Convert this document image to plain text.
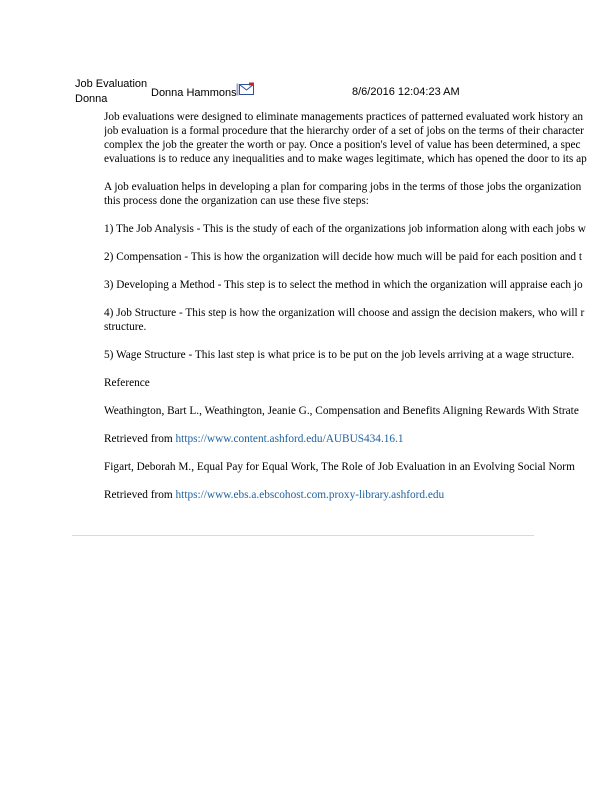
Job Evaluation
Donna	Donna Hammons	8/6/2016 12:04:23 AM

Job evaluations were designed to eliminate managements practices of patterned evaluated work history an
job evaluation is a formal procedure that the hierarchy order of a set of jobs on the terms of their character
complex the job the greater the worth or pay. Once a position's level of value has been determined, a spec
evaluations is to reduce any inequalities and to make wages legitimate, which has opened the door to its ap

A job evaluation helps in developing a plan for comparing jobs in the terms of those jobs the organization
this process done the organization can use these five steps:

1) The Job Analysis - This is the study of each of the organizations job information along with each jobs w

2) Compensation - This is how the organization will decide how much will be paid for each position and t

3) Developing a Method - This step is to select the method in which the organization will appraise each jo

4) Job Structure - This step is how the organization will choose and assign the decision makers, who will r
structure.

5) Wage Structure - This last step is what price is to be put on the job levels arriving at a wage structure.

Reference

Weathington, Bart L., Weathington, Jeanie G., Compensation and Benefits Aligning Rewards With Strate

Retrieved from https://www.content.ashford.edu/AUBUS434.16.1

Figart, Deborah M., Equal Pay for Equal Work, The Role of Job Evaluation in an Evolving Social Norm

Retrieved from https://www.ebs.a.ebscohost.com.proxy-library.ashford.edu
